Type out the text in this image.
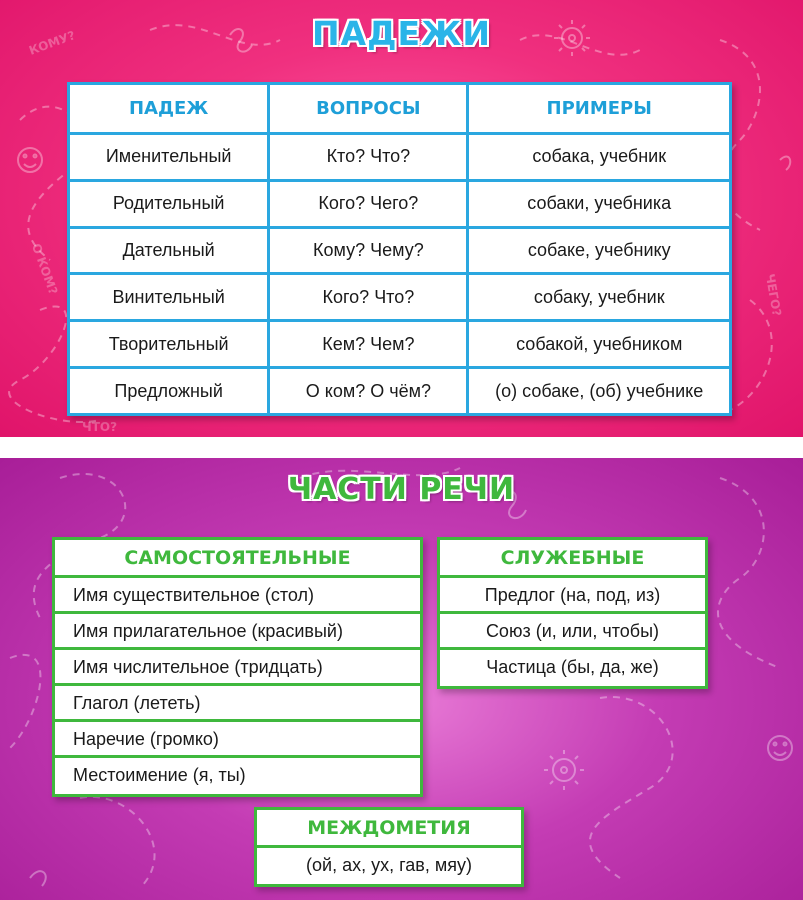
КОМУ?
О КОМ?	ЧЕГО?
ЧТО?
ПАДЕЖИ
ПАДЕЖ	ВОПРОСЫ	ПРИМЕРЫ
Именительный	Кто? Что?	собака, учебник
Родительный	Кого? Чего?	собаки, учебника
Дательный	Кому? Чему?	собаке, учебнику
Винительный	Кого? Что?	собаку, учебник
Творительный	Кем? Чем?	собакой, учебником
Предложный	О ком? О чём?	(о) собаке, (об) учебнике
ЧАСТИ РЕЧИ
САМОСТОЯТЕЛЬНЫЕ
Имя существительное (стол)
Имя прилагательное (красивый)
Имя числительное (тридцать)
Глагол (лететь)
Наречие (громко)
Местоимение (я, ты)
СЛУЖЕБНЫЕ
Предлог (на, под, из)
Союз (и, или, чтобы)
Частица (бы, да, же)
МЕЖДОМЕТИЯ
(ой, ах, ух, гав, мяу)
